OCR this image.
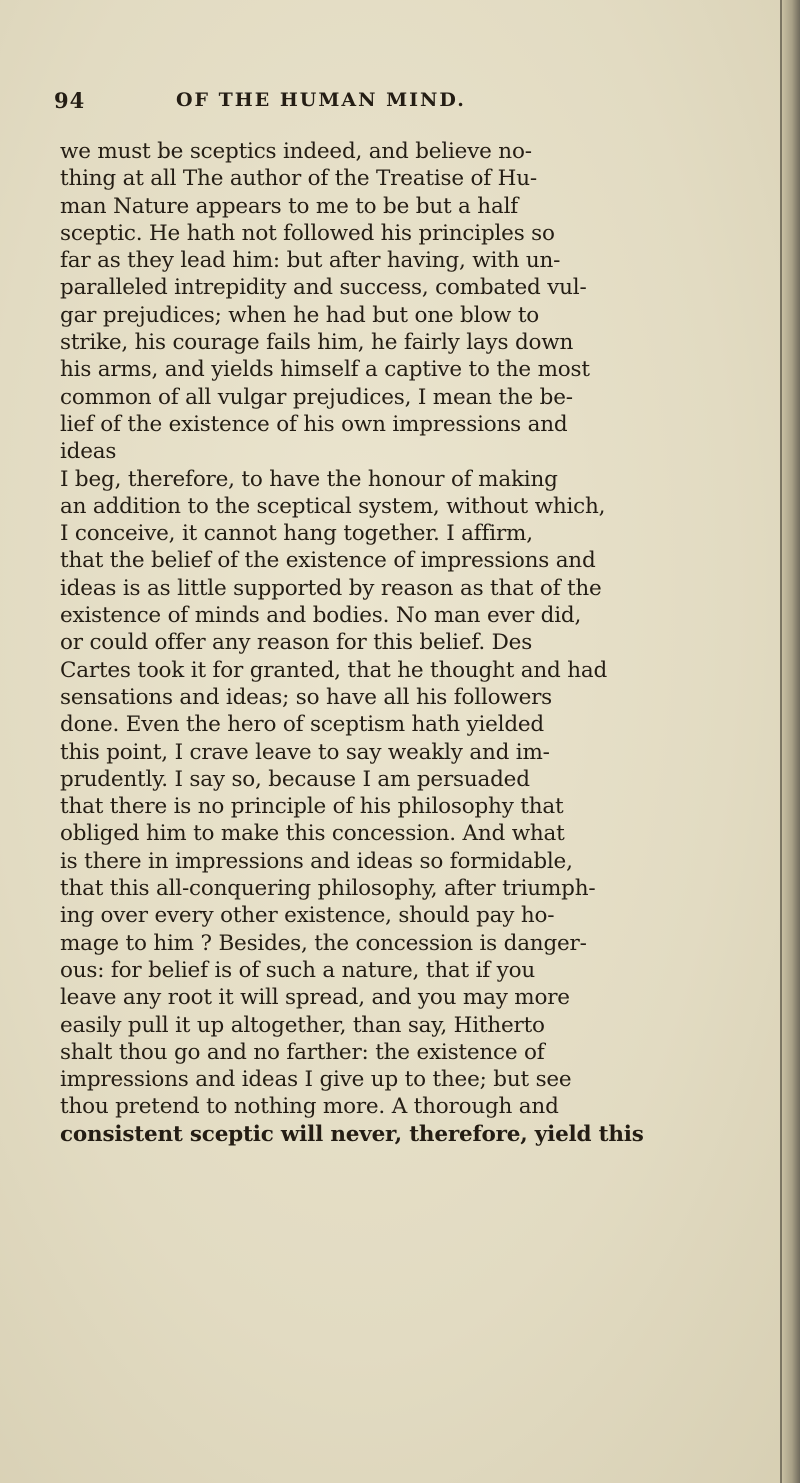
94	OF THE HUMAN MIND.
we must be sceptics indeed, and believe no-
thing at all The author of the Treatise of Hu-
man Nature appears to me to be but a half
sceptic. He hath not followed his principles so
far as they lead him: but after having, with un-
paralleled intrepidity and success, combated vul-
gar prejudices; when he had but one blow to
strike, his courage fails him, he fairly lays down
his arms, and yields himself a captive to the most
common of all vulgar prejudices, I mean the be-
lief of the existence of his own impressions and
ideas
I beg, therefore, to have the honour of making
an addition to the sceptical system, without which,
I conceive, it cannot hang together. I affirm,
that the belief of the existence of impressions and
ideas is as little supported by reason as that of the
existence of minds and bodies. No man ever did,
or could offer any reason for this belief. Des
Cartes took it for granted, that he thought and had
sensations and ideas; so have all his followers
done. Even the hero of sceptism hath yielded
this point, I crave leave to say weakly and im-
prudently. I say so, because I am persuaded
that there is no principle of his philosophy that
obliged him to make this concession. And what
is there in impressions and ideas so formidable,
that this all-conquering philosophy, after triumph-
ing over every other existence, should pay ho-
mage to him ? Besides, the concession is danger-
ous: for belief is of such a nature, that if you
leave any root it will spread, and you may more
easily pull it up altogether, than say, Hitherto
shalt thou go and no farther: the existence of
impressions and ideas I give up to thee; but see
thou pretend to nothing more. A thorough and
consistent sceptic will never, therefore, yield this
